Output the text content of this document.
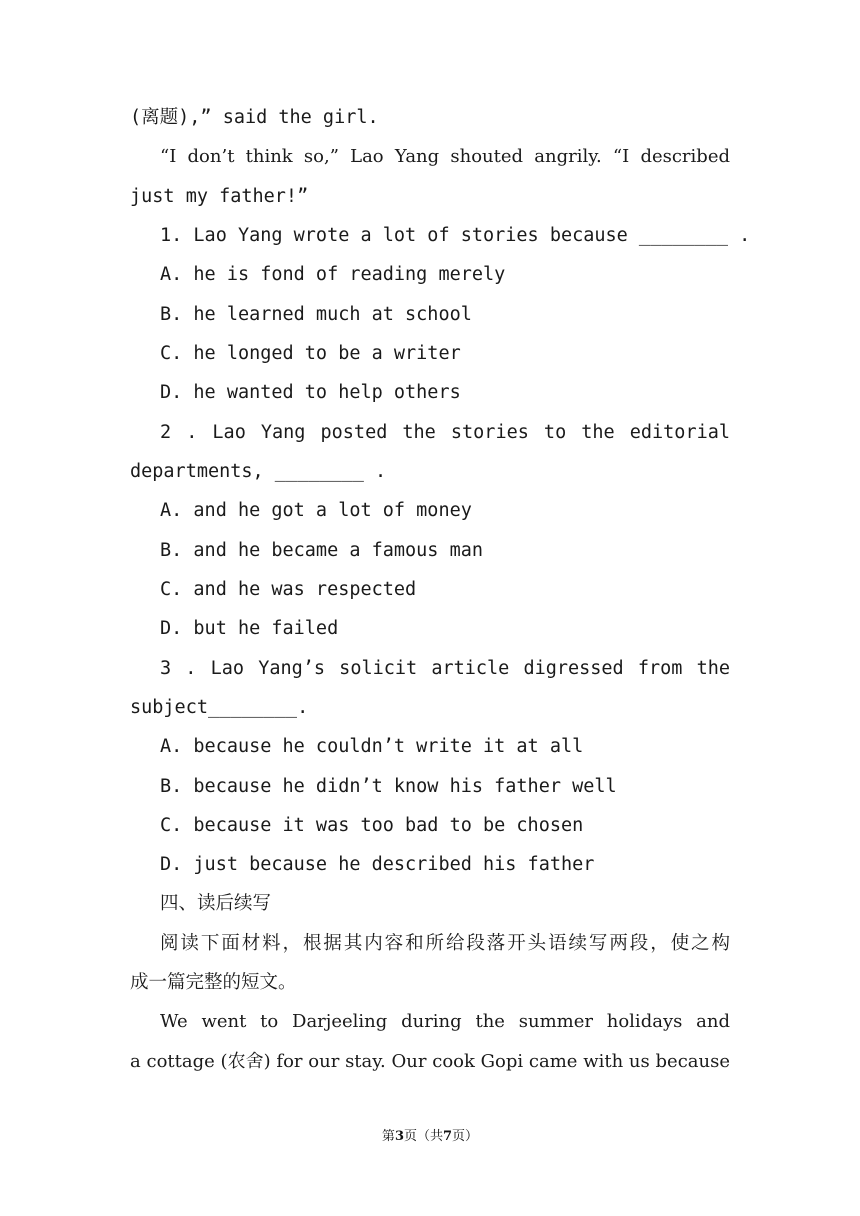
(离题),” said the girl.
“I don’t think so,” Lao Yang shouted angrily. “I described
just my father!”
1. Lao Yang wrote a lot of stories because ________ .
A. he is fond of reading merely
B. he learned much at school
C. he longed to be a writer
D. he wanted to help others
2 . Lao Yang posted the stories to the editorial
departments, ________ .
A. and he got a lot of money
B. and he became a famous man
C. and he was respected
D. but he failed
3 . Lao Yang’s solicit article digressed from the
subject________.
A. because he couldn’t write it at all
B. because he didn’t know his father well
C. because it was too bad to be chosen
D. just because he described his father
四、读后续写
阅读下面材料，根据其内容和所给段落开头语续写两段，使之构
成一篇完整的短文。
We went to Darjeeling during the summer holidays and
a cottage (农舍) for our stay. Our cook Gopi came with us because
第3页（共7页）
